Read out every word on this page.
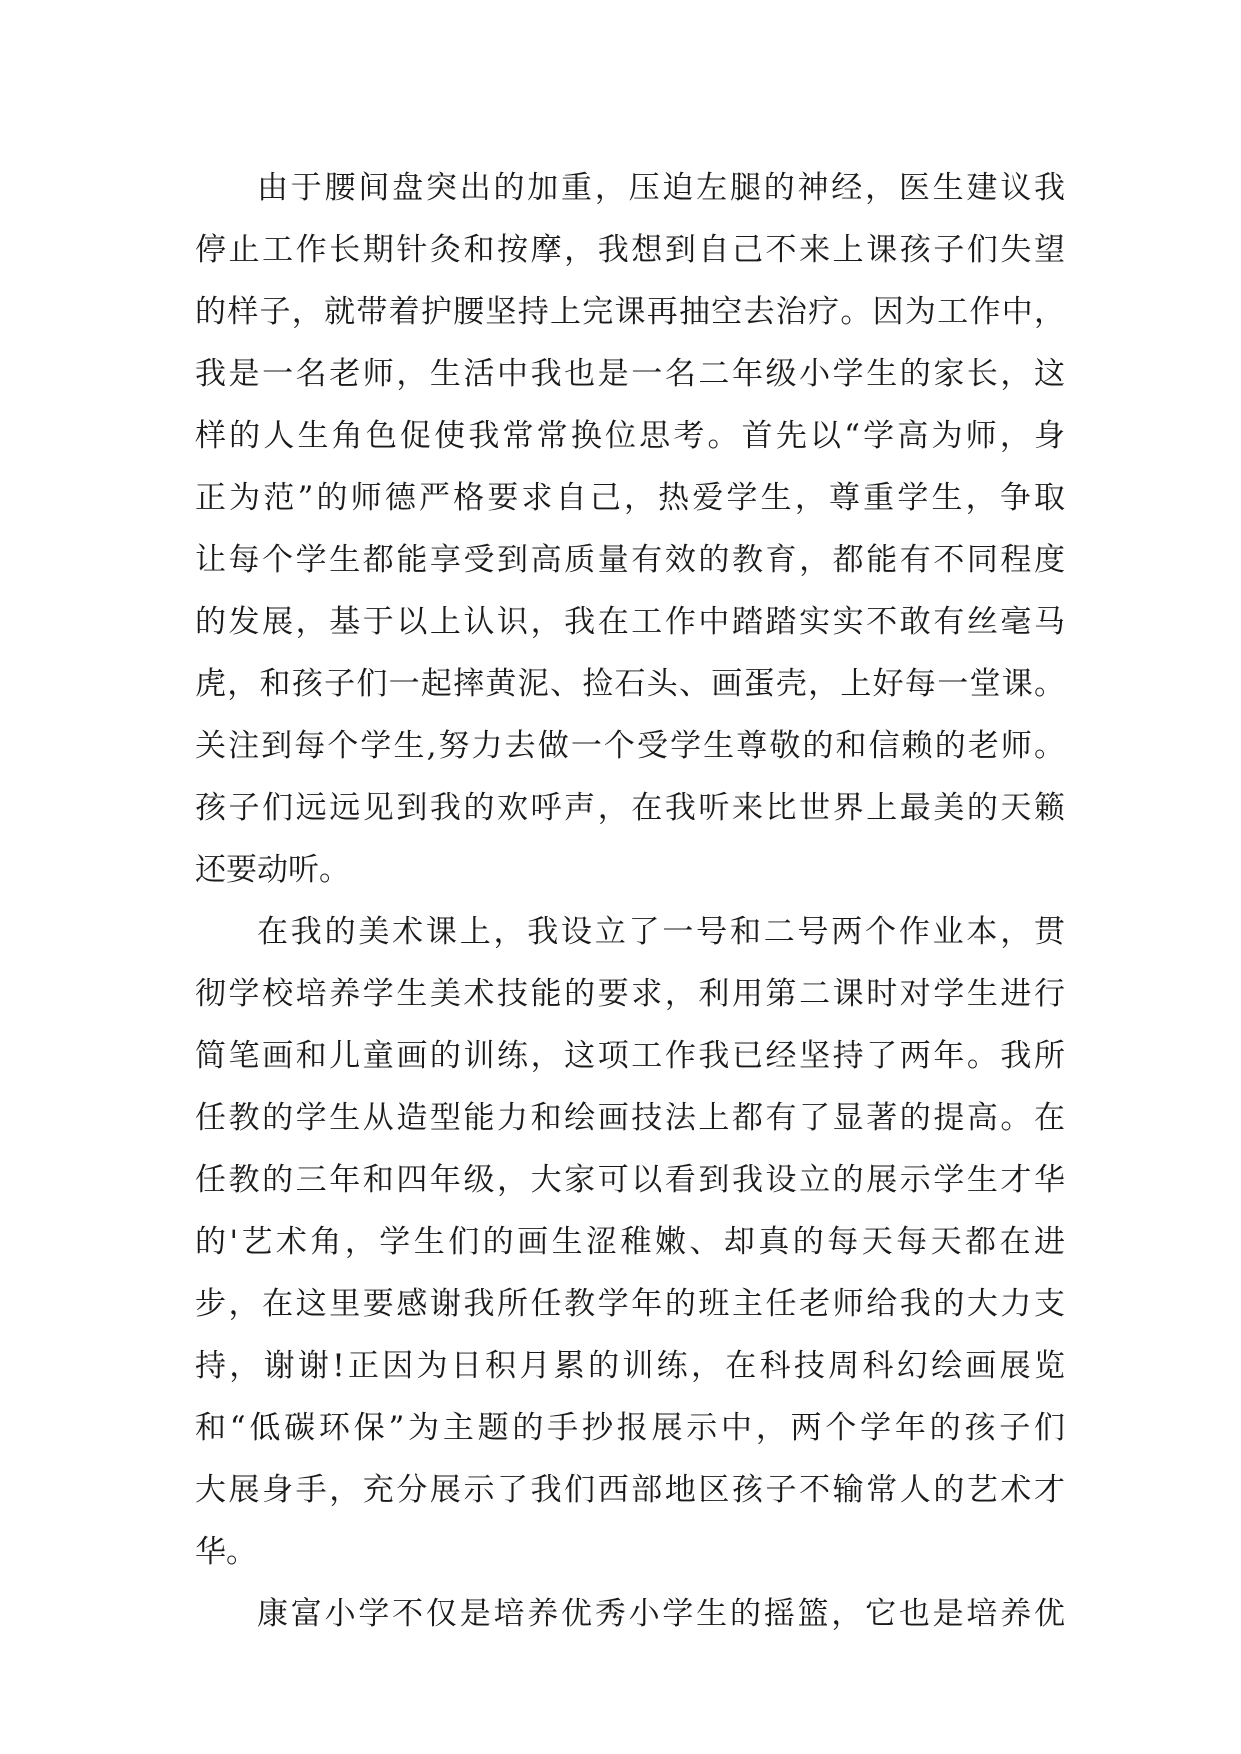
由于腰间盘突出的加重，压迫左腿的神经，医生建议我
停止工作长期针灸和按摩，我想到自己不来上课孩子们失望
的样子，就带着护腰坚持上完课再抽空去治疗。因为工作中，
我是一名老师，生活中我也是一名二年级小学生的家长，这
样的人生角色促使我常常换位思考。首先以“学高为师，身
正为范”的师德严格要求自己，热爱学生，尊重学生，争取
让每个学生都能享受到高质量有效的教育，都能有不同程度
的发展，基于以上认识，我在工作中踏踏实实不敢有丝毫马
虎，和孩子们一起摔黄泥、捡石头、画蛋壳，上好每一堂课。
关注到每个学生,努力去做一个受学生尊敬的和信赖的老师。
孩子们远远见到我的欢呼声，在我听来比世界上最美的天籁
还要动听。
在我的美术课上，我设立了一号和二号两个作业本，贯
彻学校培养学生美术技能的要求，利用第二课时对学生进行
简笔画和儿童画的训练，这项工作我已经坚持了两年。我所
任教的学生从造型能力和绘画技法上都有了显著的提高。在
任教的三年和四年级，大家可以看到我设立的展示学生才华
的'艺术角，学生们的画生涩稚嫩、却真的每天每天都在进
步，在这里要感谢我所任教学年的班主任老师给我的大力支
持，谢谢!正因为日积月累的训练，在科技周科幻绘画展览
和“低碳环保”为主题的手抄报展示中，两个学年的孩子们
大展身手，充分展示了我们西部地区孩子不输常人的艺术才
华。
康富小学不仅是培养优秀小学生的摇篮，它也是培养优
